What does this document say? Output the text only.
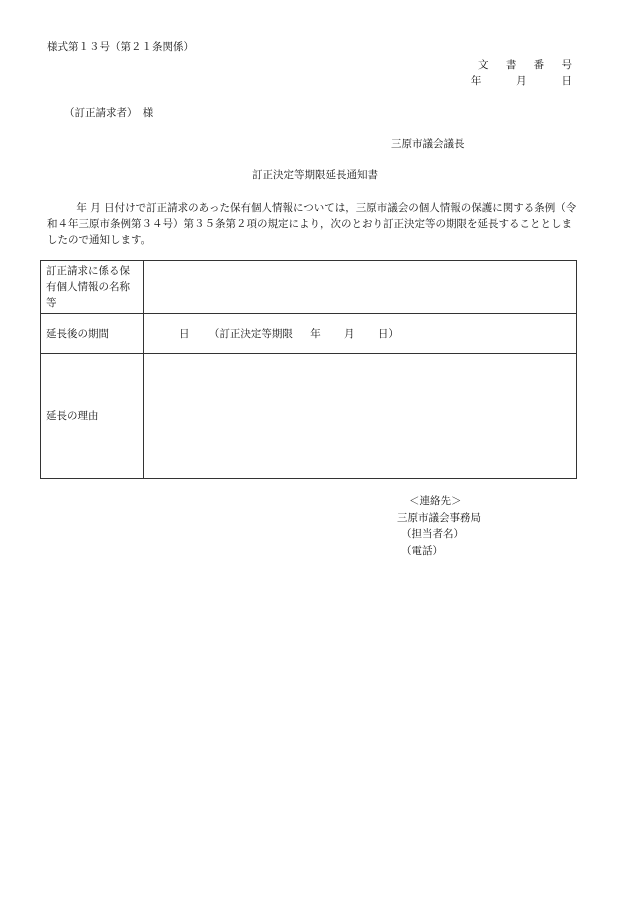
様式第１３号（第２１条関係）
文 書 番 号
年　 月　 日
（訂正請求者）　様
三原市議会議長
訂正決定等期限延長通知書

年 月 日付けで訂正請求のあった保有個人情報については，三原市議会の個人情報の保護に関する条例（令和４年三原市条例第３４号）第３５条第２項の規定により，次のとおり訂正決定等の期限を延長することとしましたので通知します。

訂正請求に係る保有個人情報の名称等	
延長後の期間	日 （訂正決定等期限 年 月 日）

延長の理由	
＜連絡先＞
三原市議会事務局
（担当者名）
（電話）
